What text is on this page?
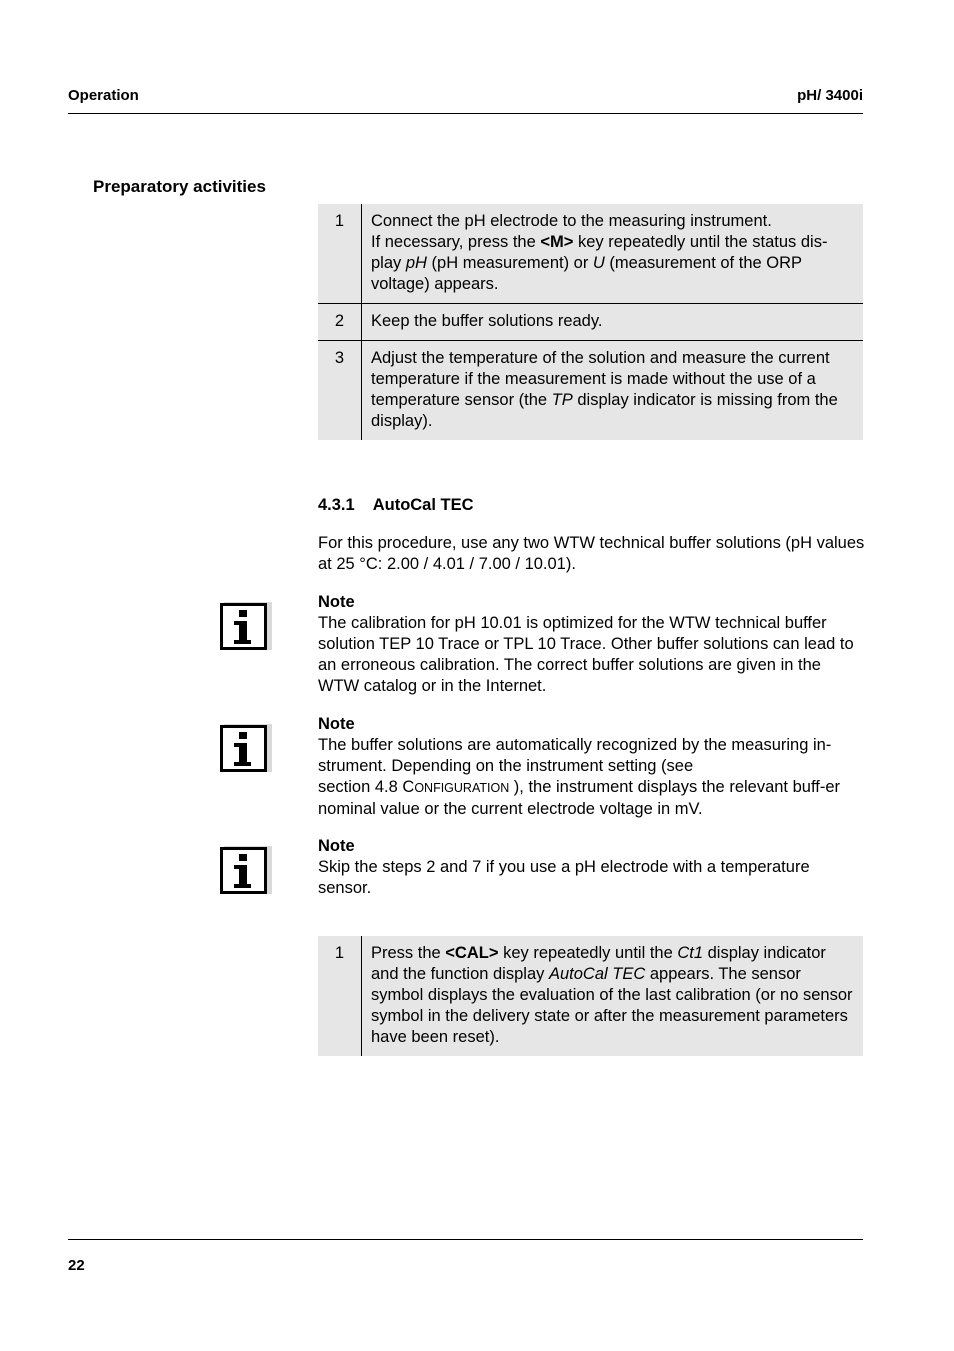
Operation	pH/ 3400i
Preparatory activities
1	Connect the pH electrode to the measuring instrument.
If necessary, press the <M> key repeatedly until the status dis-play pH (pH measurement) or U (measurement of the ORP voltage) appears.
2	Keep the buffer solutions ready.
3	Adjust the temperature of the solution and measure the current temperature if the measurement is made without the use of a temperature sensor (the TP display indicator is missing from the display).
4.3.1 AutoCal TEC
For this procedure, use any two WTW technical buffer solutions (pH values at 25 °C: 2.00 / 4.01 / 7.00 / 10.01).
Note
The calibration for pH 10.01 is optimized for the WTW technical buffer solution TEP 10 Trace or TPL 10 Trace. Other buffer solutions can lead to an erroneous calibration. The correct buffer solutions are given in the WTW catalog or in the Internet.
Note
The buffer solutions are automatically recognized by the measuring in-strument. Depending on the instrument setting (see
section 4.8 CONFIGURATION ), the instrument displays the relevant buff-er nominal value or the current electrode voltage in mV.
Note
Skip the steps 2 and 7 if you use a pH electrode with a temperature sensor.
1	Press the <CAL> key repeatedly until the Ct1 display indicator and the function display AutoCal TEC appears. The sensor symbol displays the evaluation of the last calibration (or no sensor symbol in the delivery state or after the measurement parameters have been reset).
22
